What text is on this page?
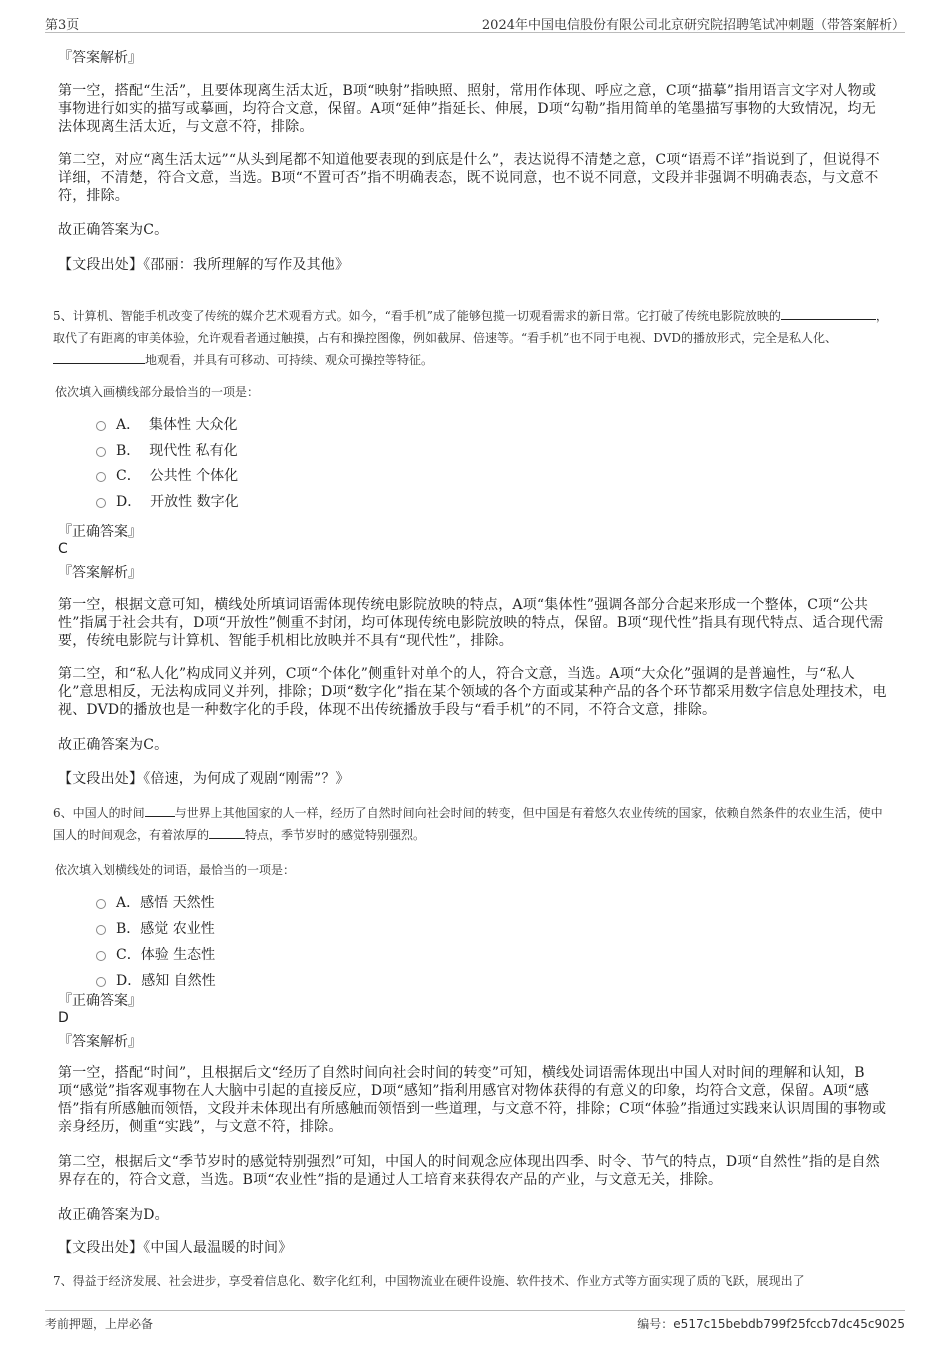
第3页	2024年中国电信股份有限公司北京研究院招聘笔试冲刺题（带答案解析）
『答案解析』
第一空，搭配“生活”，且要体现离生活太近，B项“映射”指映照、照射，常用作体现、呼应之意，C项“描摹”指用语言文字对人物或事物进行如实的描写或摹画，均符合文意，保留。A项“延伸”指延长、伸展，D项“勾勒”指用简单的笔墨描写事物的大致情况，均无法体现离生活太近，与文意不符，排除。
第二空，对应“离生活太远”“从头到尾都不知道他要表现的到底是什么”，表达说得不清楚之意，C项“语焉不详”指说到了，但说得不详细，不清楚，符合文意，当选。B项“不置可否”指不明确表态，既不说同意，也不说不同意，文段并非强调不明确表态，与文意不符，排除。
故正确答案为C。
【文段出处】《邵丽：我所理解的写作及其他》
5、计算机、智能手机改变了传统的媒介艺术观看方式。如今，“看手机”成了能够包揽一切观看需求的新日常。它打破了传统电影院放映的	，取代了有距离的审美体验，允许观看者通过触摸，占有和操控图像，例如截屏、倍速等。“看手机”也不同于电视、DVD的播放形式，完全是私人化、地观看，并具有可移动、可持续、观众可操控等特征。
依次填入画横线部分最恰当的一项是：
A． 集体性 大众化
B． 现代性 私有化
C． 公共性 个体化
D． 开放性 数字化
『正确答案』
C
『答案解析』
第一空，根据文意可知，横线处所填词语需体现传统电影院放映的特点，A项“集体性”强调各部分合起来形成一个整体，C项“公共性”指属于社会共有，D项“开放性”侧重不封闭，均可体现传统电影院放映的特点，保留。B项“现代性”指具有现代特点、适合现代需要，传统电影院与计算机、智能手机相比放映并不具有“现代性”，排除。
第二空，和“私人化”构成同义并列，C项“个体化”侧重针对单个的人，符合文意，当选。A项“大众化”强调的是普遍性，与“私人化”意思相反，无法构成同义并列，排除；D项“数字化”指在某个领域的各个方面或某种产品的各个环节都采用数字信息处理技术，电视、DVD的播放也是一种数字化的手段，体现不出传统播放手段与“看手机”的不同，不符合文意，排除。
故正确答案为C。
【文段出处】《倍速，为何成了观剧“刚需”？》
6、中国人的时间	与世界上其他国家的人一样，经历了自然时间向社会时间的转变，但中国是有着悠久农业传统的国家，依赖自然条件的农业生活，使中国人的时间观念，有着浓厚的	特点，季节岁时的感觉特别强烈。
依次填入划横线处的词语，最恰当的一项是：
A．感悟 天然性
B．感觉 农业性
C．体验 生态性
D．感知 自然性
『正确答案』
D
『答案解析』
第一空，搭配“时间”，且根据后文“经历了自然时间向社会时间的转变”可知，横线处词语需体现出中国人对时间的理解和认知，B项“感觉”指客观事物在人大脑中引起的直接反应，D项“感知”指利用感官对物体获得的有意义的印象，均符合文意，保留。A项“感悟”指有所感触而领悟，文段并未体现出有所感触而领悟到一些道理，与文意不符，排除；C项“体验”指通过实践来认识周围的事物或亲身经历，侧重“实践”，与文意不符，排除。
第二空，根据后文“季节岁时的感觉特别强烈”可知，中国人的时间观念应体现出四季、时令、节气的特点，D项“自然性”指的是自然界存在的，符合文意，当选。B项“农业性”指的是通过人工培育来获得农产品的产业，与文意无关，排除。
故正确答案为D。
【文段出处】《中国人最温暖的时间》
7、得益于经济发展、社会进步，享受着信息化、数字化红利，中国物流业在硬件设施、软件技术、作业方式等方面实现了质的飞跃，展现出了
考前押题，上岸必备	编号：e517c15bebdb799f25fccb7dc45c9025
